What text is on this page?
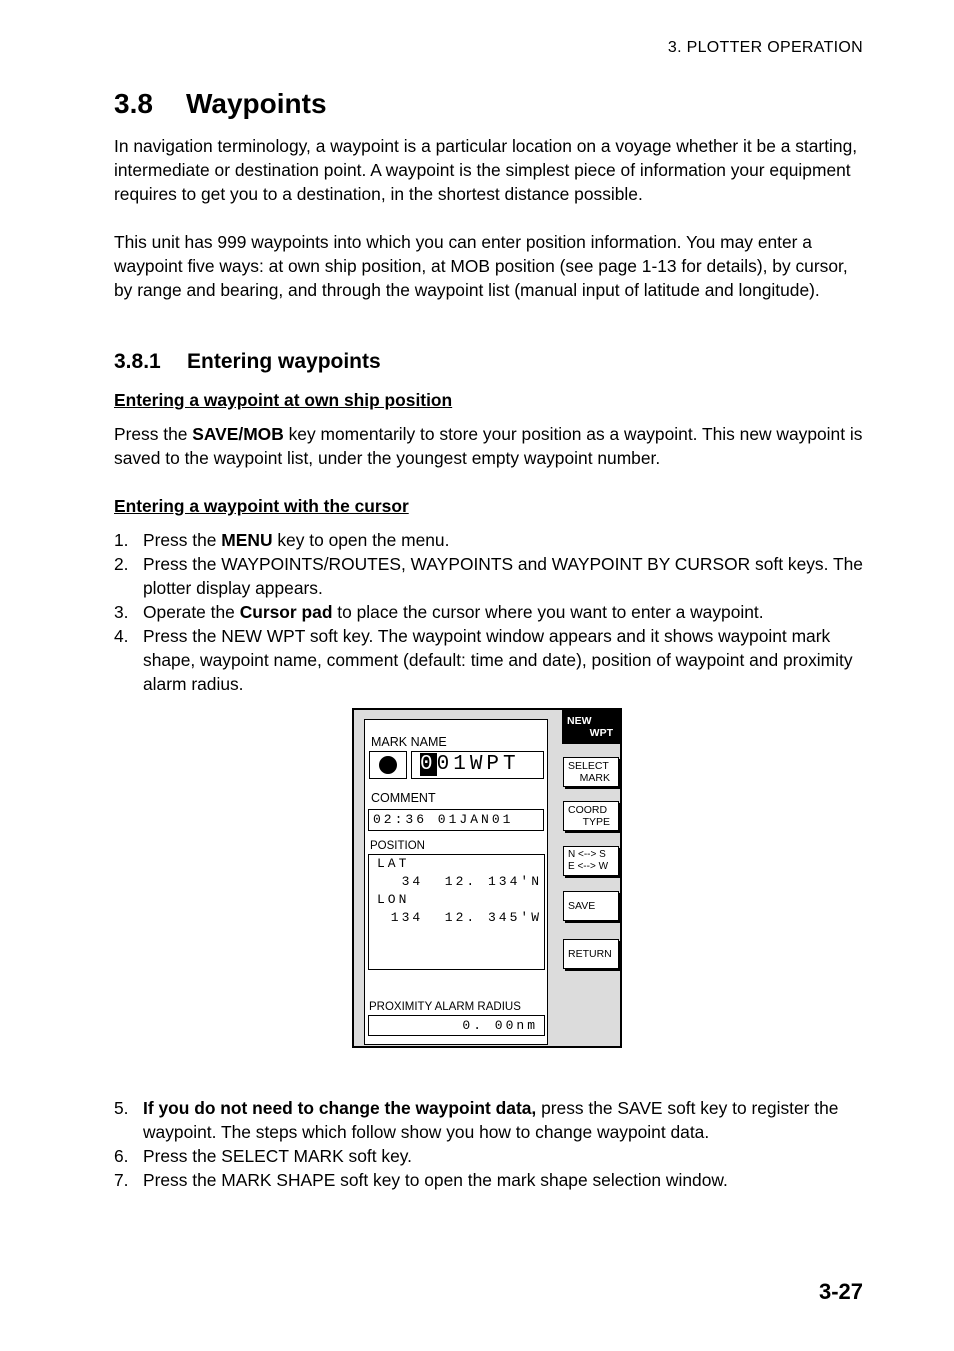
3. PLOTTER OPERATION
3.8 Waypoints

In navigation terminology, a waypoint is a particular location on a voyage whether it be a starting, intermediate or destination point. A waypoint is the simplest piece of information your equipment requires to get you to a destination, in the shortest distance possible.

This unit has 999 waypoints into which you can enter position information. You may enter a waypoint five ways: at own ship position, at MOB position (see page 1-13 for details), by cursor, by range and bearing, and through the waypoint list (manual input of latitude and longitude).

3.8.1 Entering waypoints
Entering a waypoint at own ship position

Press the SAVE/MOB key momentarily to store your position as a waypoint. This new waypoint is saved to the waypoint list, under the youngest empty waypoint number.

Entering a waypoint with the cursor
1. Press the MENU key to open the menu.
2. Press the WAYPOINTS/ROUTES, WAYPOINTS and WAYPOINT BY CURSOR soft keys. The plotter display appears.
3. Operate the Cursor pad to place the cursor where you want to enter a waypoint.
4. Press the NEW WPT soft key. The waypoint window appears and it shows waypoint mark shape, waypoint name, comment (default: time and date), position of waypoint and proximity alarm radius.
MARK NAME
001WPT
COMMENT
02:36 01JAN01
POSITION
LAT
34  12. 134'N
LON
134  12. 345'W
PROXIMITY ALARM RADIUS
0. 00nm
NEW
WPT
SELECT
MARK
COORD
TYPE
N <--> S
E <--> W
SAVE
RETURN
5. If you do not need to change the waypoint data, press the SAVE soft key to register the waypoint. The steps which follow show you how to change waypoint data.
6. Press the SELECT MARK soft key.
7. Press the MARK SHAPE soft key to open the mark shape selection window.
3-27
